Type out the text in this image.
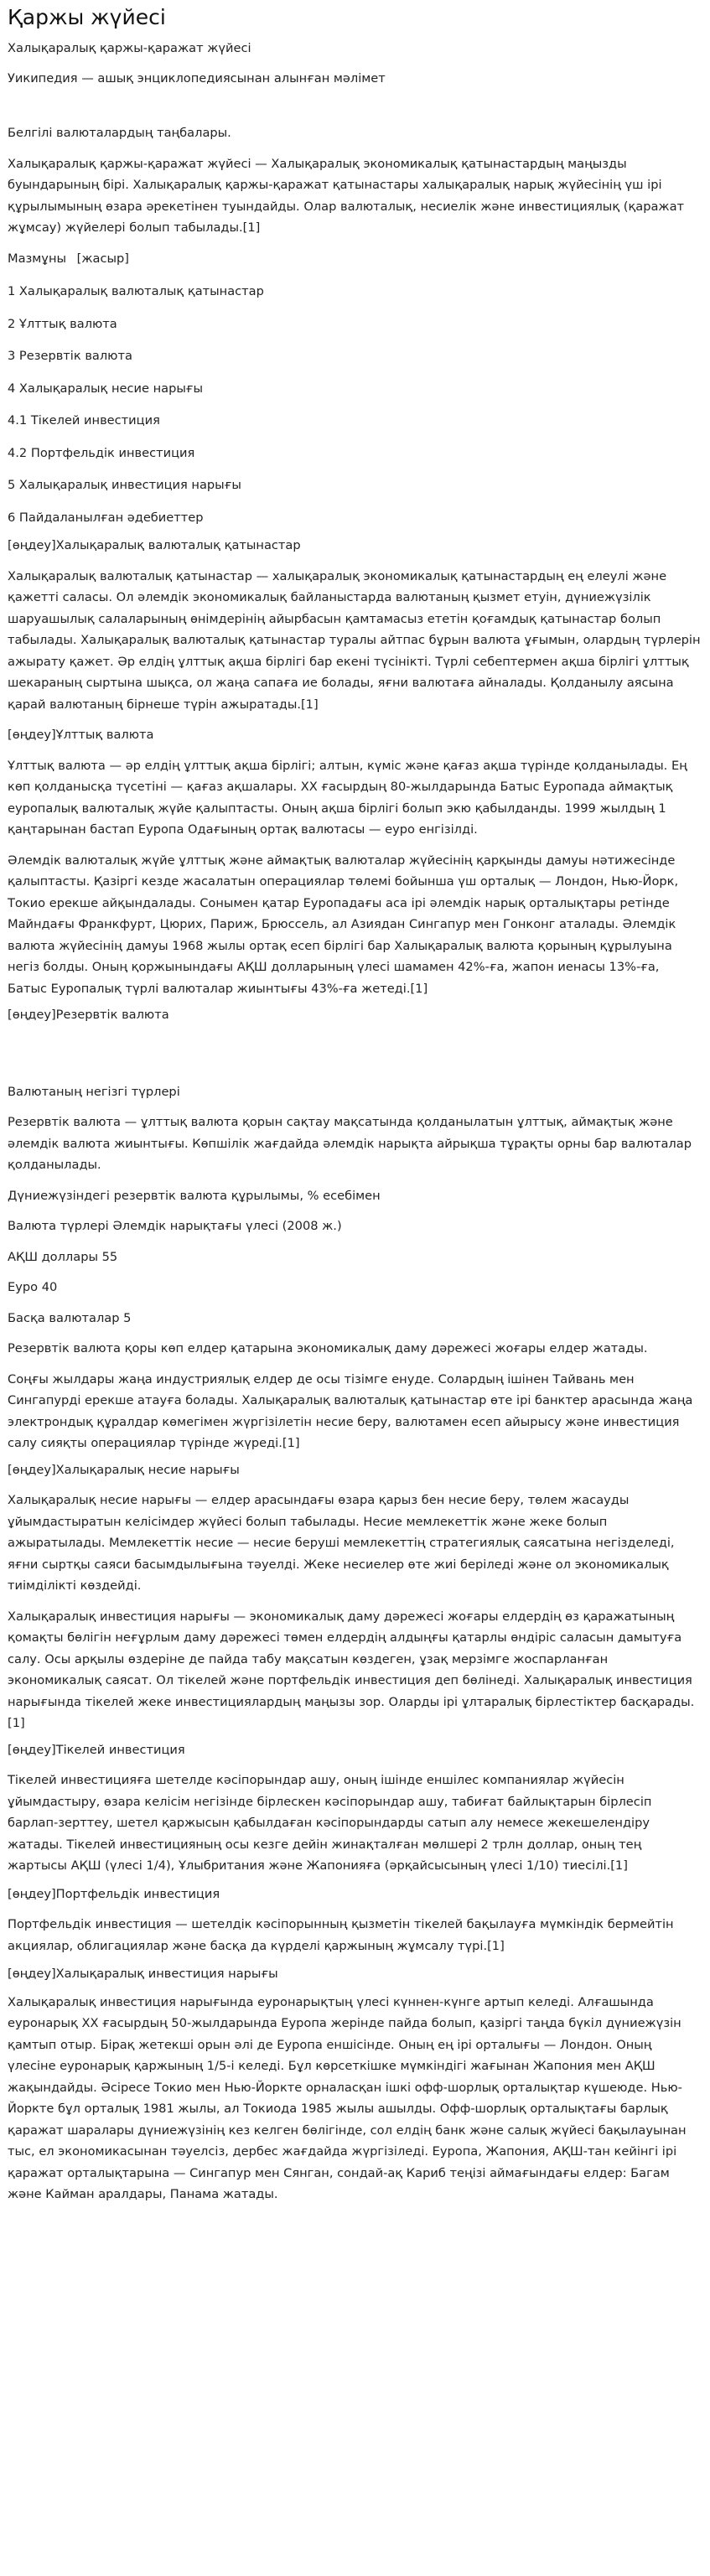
Қаржы жүйесі

Халықаралық қаржы-қаражат жүйесі

Уикипедия — ашық энциклопедиясынан алынған мәлімет

Белгілі валюталардың таңбалары.

Халықаралық қаржы-қаражат жүйесі — Халықаралық экономикалық қатынастардың маңызды буындарының бірі. Халықаралық қаржы-қаражат қатынастары халықаралық нарық жүйесінің үш ірі құрылымының өзара әрекетінен туындайды. Олар валюталық, несиелік және инвестициялық (қаражат жұмсау) жүйелері болып табылады.[1]

Мазмұны [жасыр]
1 Халықаралық валюталық қатынастар
2 Ұлттық валюта
3 Резервтік валюта
4 Халықаралық несие нарығы
4.1 Тікелей инвестиция
4.2 Портфельдік инвестиция
5 Халықаралық инвестиция нарығы
6 Пайдаланылған әдебиеттер
[өңдеу]Халықаралық валюталық қатынастар

Халықаралық валюталық қатынастар — халықаралық экономикалық қатынастардың ең елеулі және қажетті саласы. Ол әлемдік экономикалық байланыстарда валютаның қызмет етуін, дүниежүзілік шаруашылық салаларының өнімдерінің айырбасын қамтамасыз ететін қоғамдық қатынастар болып табылады. Халықаралық валюталық қатынастар туралы айтпас бұрын валюта ұғымын, олардың түрлерін ажырату қажет. Әр елдің ұлттық ақша бірлігі бар екені түсінікті. Түрлі себептермен ақша бірлігі ұлттық шекараның сыртына шықса, ол жаңа сапаға ие болады, яғни валютаға айналады. Қолданылу аясына қарай валютаның бірнеше түрін ажыратады.[1]

[өңдеу]Ұлттық валюта

Ұлттық валюта — әр елдің ұлттық ақша бірлігі; алтын, күміс және қағаз ақша түрінде қолданылады. Ең көп қолданысқа түсетіні — қағаз ақшалары. XX ғасырдың 80-жылдарында Батыс Еуропада аймақтық еуропалық валюталық жүйе қалыптасты. Оның ақша бірлігі болып экю қабылданды. 1999 жылдың 1 қаңтарынан бастап Еуропа Одағының ортақ валютасы — еуро енгізілді.

Әлемдік валюталық жүйе ұлттық және аймақтық валюталар жүйесінің қарқынды дамуы нәтижесінде қалыптасты. Қазіргі кезде жасалатын операциялар төлемі бойынша үш орталық — Лондон, Нью-Йорк, Токио ерекше айқындалады. Сонымен қатар Еуропадағы аса ірі әлемдік нарық орталықтары ретінде Майндағы Франкфурт, Цюрих, Париж, Брюссель, ал Азиядан Сингапур мен Гонконг аталады. Әлемдік валюта жүйесінің дамуы 1968 жылы ортақ есеп бірлігі бар Халықаралық валюта қорының құрылуына негіз болды. Оның қоржынындағы АҚШ долларының үлесі шамамен 42%-ға, жапон иенасы 13%-ға, Батыс Еуропалық түрлі валюталар жиынтығы 43%-ға жетеді.[1]

[өңдеу]Резервтік валюта

Валютаның негізгі түрлері

Резервтік валюта — ұлттық валюта қорын сақтау мақсатында қолданылатын ұлттық, аймақтық және әлемдік валюта жиынтығы. Көпшілік жағдайда әлемдік нарықта айрықша тұрақты орны бар валюталар қолданылады.

Дүниежүзіндегі резервтік валюта құрылымы, % есебімен

Валюта түрлері Әлемдік нарықтағы үлесі (2008 ж.)

АҚШ доллары 55

Еуро 40

Басқа валюталар 5

Резервтік валюта қоры көп елдер қатарына экономикалық даму дәрежесі жоғары елдер жатады.

Соңғы жылдары жаңа индустриялық елдер де осы тізімге енуде. Солардың ішінен Тайвань мен Сингапурді ерекше атауға болады. Халықаралық валюталық қатынастар өте ірі банктер арасында жаңа электрондық құралдар көмегімен жүргізілетін несие беру, валютамен есеп айырысу және инвестиция салу сияқты операциялар түрінде жүреді.[1]

[өңдеу]Халықаралық несие нарығы

Халықаралық несие нарығы — елдер арасындағы өзара қарыз бен несие беру, төлем жасауды ұйымдастыратын келісімдер жүйесі болып табылады. Несие мемлекеттік және жеке болып ажыратылады. Мемлекеттік несие — несие беруші мемлекеттің стратегиялық саясатына негізделеді, яғни сыртқы саяси басымдылығына тәуелді. Жеке несиелер өте жиі беріледі және ол экономикалық тиімділікті көздейді.

Халықаралық инвестиция нарығы — экономикалық даму дәрежесі жоғары елдердің өз қаражатының қомақты бөлігін неғұрлым даму дәрежесі төмен елдердің алдыңғы қатарлы өндіріс саласын дамытуға салу. Осы арқылы өздеріне де пайда табу мақсатын көздеген, ұзақ мерзімге жоспарланған экономикалық саясат. Ол тікелей және портфельдік инвестиция деп бөлінеді. Халықаралық инвестиция нарығында тікелей жеке инвестициялардың маңызы зор. Оларды ірі ұлтаралық бірлестіктер басқарады.[1]

[өңдеу]Тікелей инвестиция

Тікелей инвестицияға шетелде кәсіпорындар ашу, оның ішінде еншілес компаниялар жүйесін ұйымдастыру, өзара келісім негізінде бірлескен кәсіпорындар ашу, табиғат байлықтарын бірлесіп барлап-зерттеу, шетел қаржысын қабылдаған кәсіпорындарды сатып алу немесе жекешелендіру жатады. Тікелей инвестицияның осы кезге дейін жинақталған мөлшері 2 трлн доллар, оның тең жартысы АҚШ (үлесі 1/4), Ұлыбритания және Жапонияға (әрқайсысының үлесі 1/10) тиесілі.[1]

[өңдеу]Портфельдік инвестиция

Портфельдік инвестиция — шетелдік кәсіпорынның қызметін тікелей бақылауға мүмкіндік бермейтін акциялар, облигациялар және басқа да күрделі қаржының жұмсалу түрі.[1]

[өңдеу]Халықаралық инвестиция нарығы

Халықаралық инвестиция нарығында еуронарықтың үлесі күннен-күнге артып келеді. Алғашында еуронарық XX ғасырдың 50-жылдарында Еуропа жерінде пайда болып, қазіргі таңда бүкіл дүниежүзін қамтып отыр. Бірақ жетекші орын әлі де Еуропа еншісінде. Оның ең ірі орталығы — Лондон. Оның үлесіне еуронарық қаржының 1/5-і келеді. Бұл көрсеткішке мүмкіндігі жағынан Жапония мен АҚШ жақындайды. Әсіресе Токио мен Нью-Йоркте орналасқан ішкі офф-шорлық орталықтар күшеюде. Нью-Йоркте бұл орталық 1981 жылы, ал Токиода 1985 жылы ашылды. Офф-шорлық орталықтағы барлық қаражат шаралары дүниежүзінің кез келген бөлігінде, сол елдің банк және салық жүйесі бақылауынан тыс, ел экономикасынан тәуелсіз, дербес жағдайда жүргізіледі. Еуропа, Жапония, АҚШ-тан кейінгі ірі қаражат орталықтарына — Сингапур мен Сянган, сондай-ақ Кариб теңізі аймағындағы елдер: Багам және Кайман аралдары, Панама жатады.
